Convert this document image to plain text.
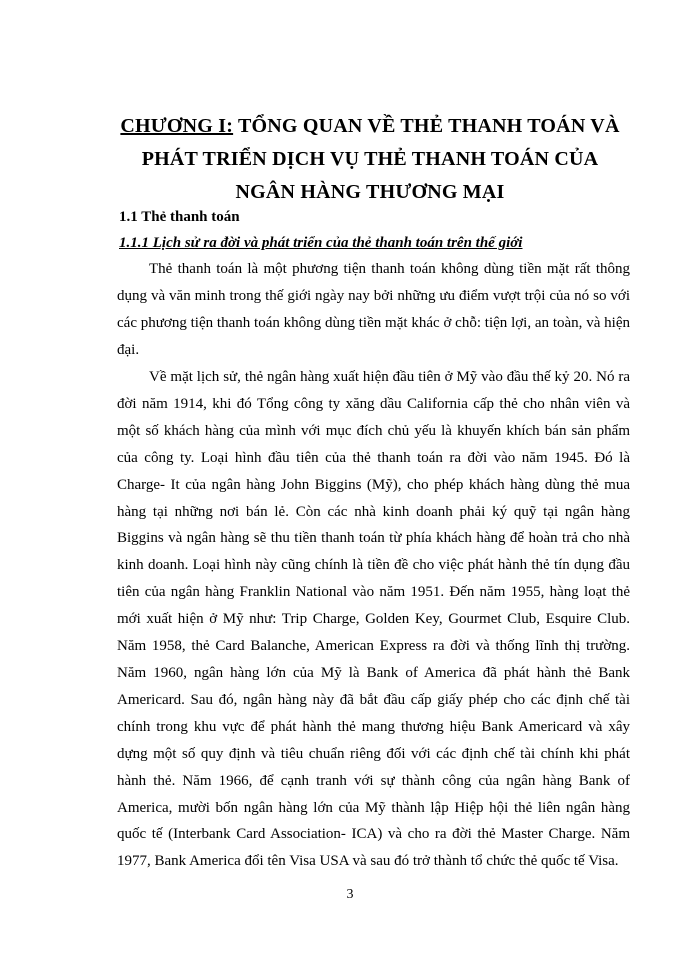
CHƯƠNG I: TỔNG QUAN VỀ THẺ THANH TOÁN VÀ PHÁT TRIỂN DỊCH VỤ THẺ THANH TOÁN CỦA NGÂN HÀNG THƯƠNG MẠI
1.1 Thẻ thanh toán
1.1.1 Lịch sử ra đời và phát triển của thẻ thanh toán trên thế giới

Thẻ thanh toán là một phương tiện thanh toán không dùng tiền mặt rất thông dụng và văn minh trong thế giới ngày nay bởi những ưu điểm vượt trội của nó so với các phương tiện thanh toán không dùng tiền mặt khác ở chỗ: tiện lợi, an toàn, và hiện đại.

Về mặt lịch sử, thẻ ngân hàng xuất hiện đầu tiên ở Mỹ vào đầu thế kỷ 20. Nó ra đời năm 1914, khi đó Tổng công ty xăng dầu California cấp thẻ cho nhân viên và một số khách hàng của mình với mục đích chủ yếu là khuyến khích bán sản phẩm của công ty. Loại hình đầu tiên của thẻ thanh toán ra đời vào năm 1945. Đó là Charge- It của ngân hàng John Biggins (Mỹ), cho phép khách hàng dùng thẻ mua hàng tại những nơi bán lẻ. Còn các nhà kinh doanh phải ký quỹ tại ngân hàng Biggins và ngân hàng sẽ thu tiền thanh toán từ phía khách hàng để hoàn trả cho nhà kinh doanh. Loại hình này cũng chính là tiền đề cho việc phát hành thẻ tín dụng đầu tiên của ngân hàng Franklin National vào năm 1951. Đến năm 1955, hàng loạt thẻ mới xuất hiện ở Mỹ như: Trip Charge, Golden Key, Gourmet Club, Esquire Club. Năm 1958, thẻ Card Balanche, American Express ra đời và thống lĩnh thị trường. Năm 1960, ngân hàng lớn của Mỹ là Bank of America đã phát hành thẻ Bank Americard. Sau đó, ngân hàng này đã bắt đầu cấp giấy phép cho các định chế tài chính trong khu vực để phát hành thẻ mang thương hiệu Bank Americard và xây dựng một số quy định và tiêu chuẩn riêng đối với các định chế tài chính khi phát hành thẻ. Năm 1966, để cạnh tranh với sự thành công của ngân hàng Bank of America, mười bốn ngân hàng lớn của Mỹ thành lập Hiệp hội thẻ liên ngân hàng quốc tế (Interbank Card Association- ICA) và cho ra đời thẻ Master Charge. Năm 1977, Bank America đổi tên Visa USA và sau đó trở thành tổ chức thẻ quốc tế Visa.

3
